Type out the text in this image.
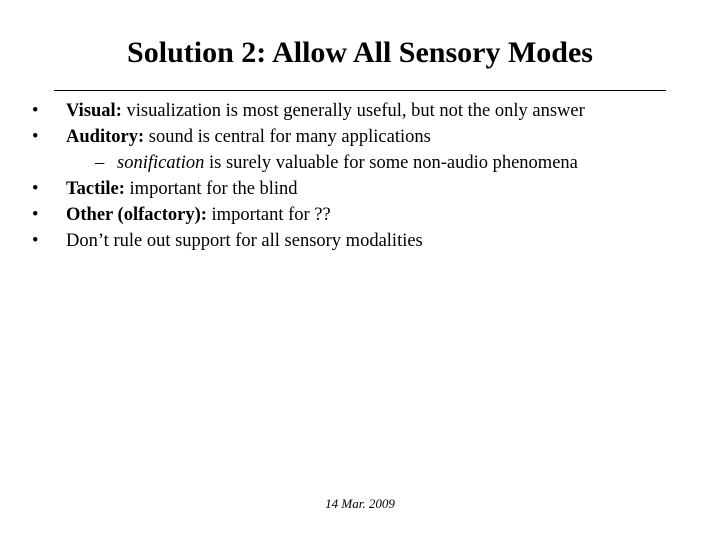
Solution 2: Allow All Sensory Modes
• Visual: visualization is most generally useful, but not the only answer
• Auditory: sound is central for many applications
– sonification is surely valuable for some non-audio phenomena
• Tactile: important for the blind
• Other (olfactory): important for ??
• Don’t rule out support for all sensory modalities
14 Mar. 2009
